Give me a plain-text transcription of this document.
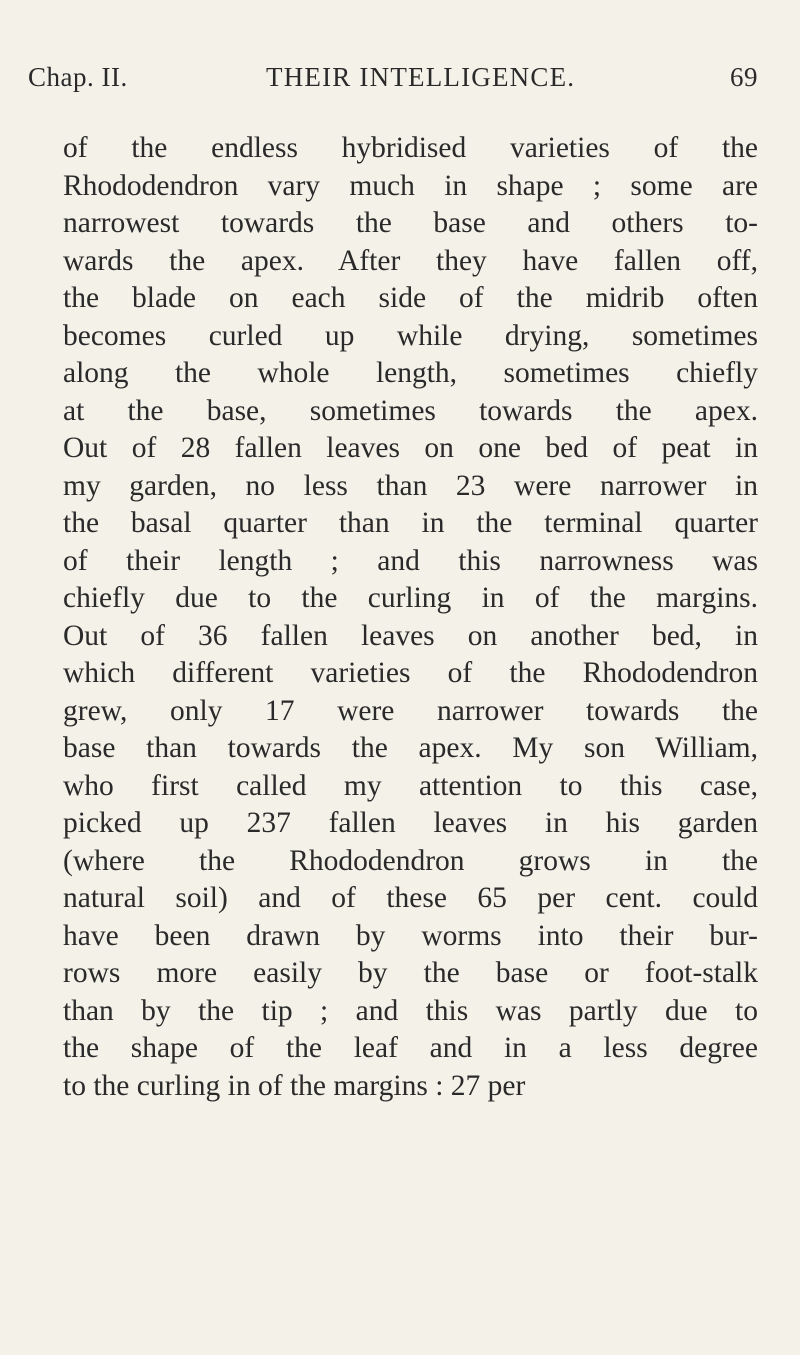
Chap. II.	THEIR INTELLIGENCE.	69
of the endless hybridised varieties of the
Rhododendron vary much in shape ; some are
narrowest towards the base and others to-
wards the apex. After they have fallen off,
the blade on each side of the midrib often
becomes curled up while drying, sometimes
along the whole length, sometimes chiefly
at the base, sometimes towards the apex.
Out of 28 fallen leaves on one bed of peat in
my garden, no less than 23 were narrower in
the basal quarter than in the terminal quarter
of their length ; and this narrowness was
chiefly due to the curling in of the margins.
Out of 36 fallen leaves on another bed, in
which different varieties of the Rhododendron
grew, only 17 were narrower towards the
base than towards the apex. My son William,
who first called my attention to this case,
picked up 237 fallen leaves in his garden
(where the Rhododendron grows in the
natural soil) and of these 65 per cent. could
have been drawn by worms into their bur-
rows more easily by the base or foot-stalk
than by the tip ; and this was partly due to
the shape of the leaf and in a less degree
to the curling in of the margins : 27 per
